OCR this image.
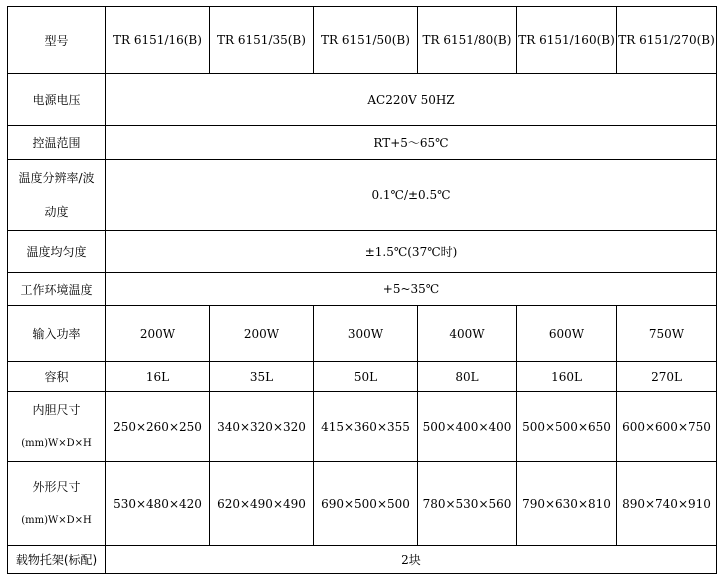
型号	TR 6151/16(B)	TR 6151/35(B)	TR 6151/50(B)	TR 6151/80(B)	TR 6151/160(B)	TR 6151/270(B)
电源电压	AC220V 50HZ					
控温范围	RT+5～65℃					

温度分辨率/波
动度	0.1℃/±0.5℃					
温度均匀度	±1.5℃(37℃时)					
工作环境温度	+5~35℃					
输入功率	200W	200W	300W	400W	600W	750W
容积	16L	35L	50L	80L	160L	270L

内胆尺寸
(mm)W×D×H	250×260×250	340×320×320	415×360×355	500×400×400	500×500×650	600×600×750

外形尺寸
(mm)W×D×H	530×480×420	620×490×490	690×500×500	780×530×560	790×630×810	890×740×910
载物托架(标配)	2块					
